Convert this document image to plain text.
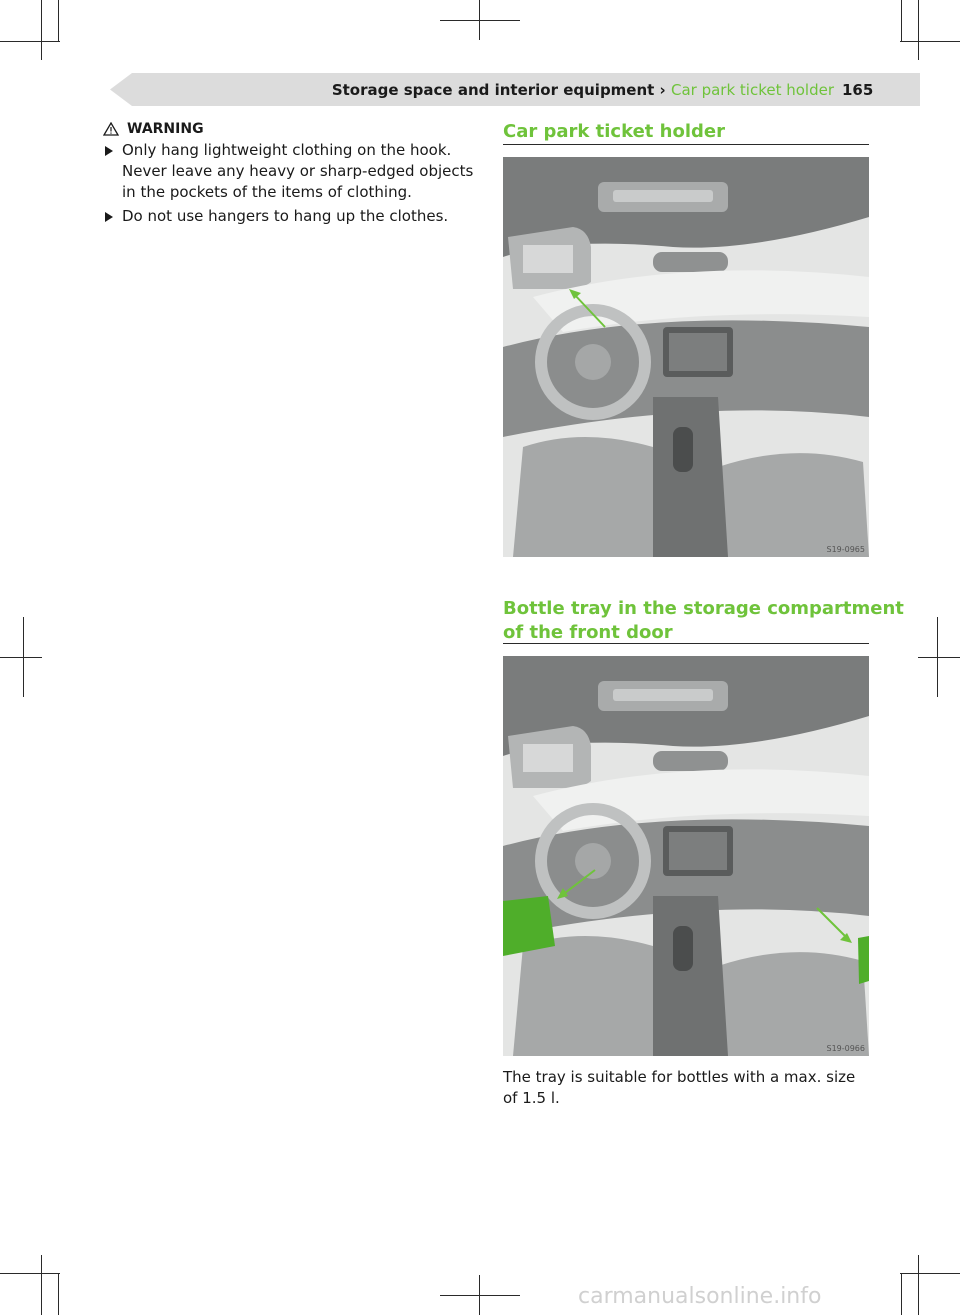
Storage space and interior equipment › Car park ticket holder 165
WARNING
Only hang lightweight clothing on the hook. Never leave any heavy or sharp-edged objects in the pockets of the items of clothing.
Do not use hangers to hang up the clothes.
Car park ticket holder
S19-0965
Bottle tray in the storage compartment
of the front door
S19-0966

The tray is suitable for bottles with a max. size of 1.5 l.

carmanualsonline.info
